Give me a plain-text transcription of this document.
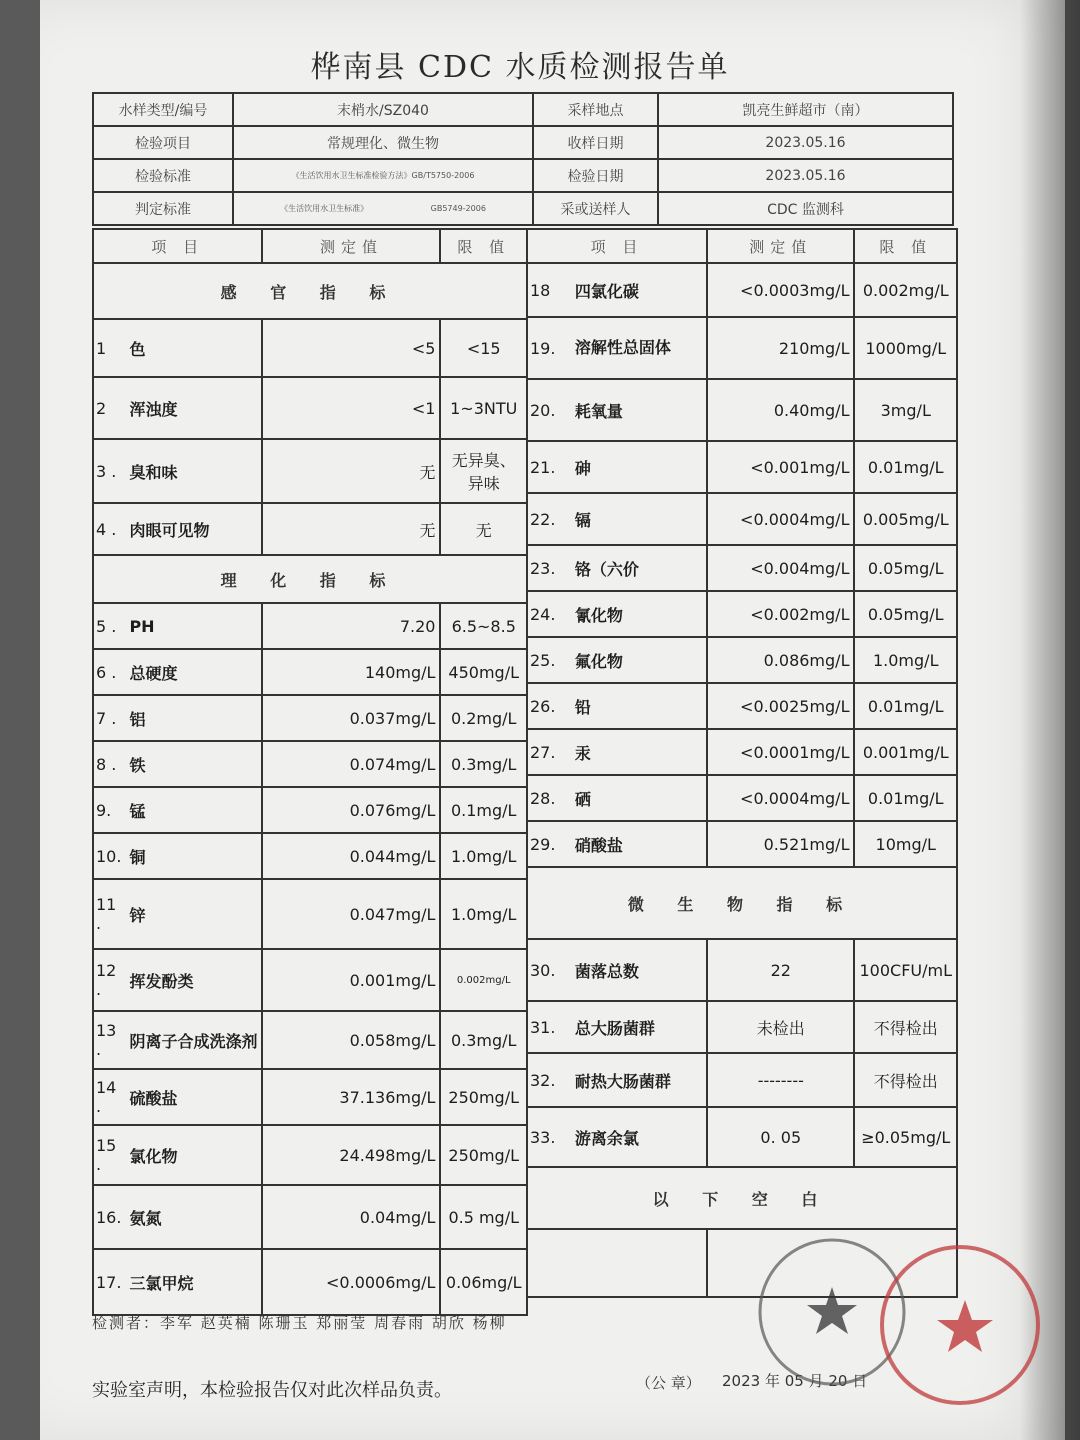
桦南县 CDC 水质检测报告单
水样类型/编号	末梢水/SZ040	采样地点	凯亮生鲜超市（南）
检验项目	常规理化、微生物	收样日期	2023.05.16
检验标准	《生活饮用水卫生标准检验方法》GB/T5750-2006	检验日期	2023.05.16
判定标准	《生活饮用水卫生标准》 GB5749-2006	采或送样人	CDC 监测科
项 目		测定值	限 值
感 官 指 标			
1	色	<5	<15
2	浑浊度	<1	1~3NTU
3 .	臭和味	无	无异臭、异味
4 .	肉眼可见物	无	无
理 化 指 标			
5 .	PH	7.20	6.5~8.5
6 .	总硬度	140mg/L	450mg/L
7 .	铝	0.037mg/L	0.2mg/L
8 .	铁	0.074mg/L	0.3mg/L
9.	锰	0.076mg/L	0.1mg/L
10.	铜	0.044mg/L	1.0mg/L
11 .	锌	0.047mg/L	1.0mg/L
12 .	挥发酚类	0.001mg/L	0.002mg/L
13 .	阴离子合成洗涤剂	0.058mg/L	0.3mg/L
14 .	硫酸盐	37.136mg/L	250mg/L
15 .	氯化物	24.498mg/L	250mg/L
16.	氨氮	0.04mg/L	0.5 mg/L
17.	三氯甲烷	<0.0006mg/L	0.06mg/L
项 目		测定值	限 值
18	四氯化碳	<0.0003mg/L	0.002mg/L
19.	溶解性总固体	210mg/L	1000mg/L
20.	耗氧量	0.40mg/L	3mg/L
21.	砷	<0.001mg/L	0.01mg/L
22.	镉	<0.0004mg/L	0.005mg/L
23.	铬（六价	<0.004mg/L	0.05mg/L
24.	氰化物	<0.002mg/L	0.05mg/L
25.	氟化物	0.086mg/L	1.0mg/L
26.	铅	<0.0025mg/L	0.01mg/L
27.	汞	<0.0001mg/L	0.001mg/L
28.	硒	<0.0004mg/L	0.01mg/L
29.	硝酸盐	0.521mg/L	10mg/L
微 生 物 指 标			
30.	菌落总数	22	100CFU/mL
31.	总大肠菌群	未检出	不得检出
32.	耐热大肠菌群	--------	不得检出
33.	游离余氯	0. 05	≥0.05mg/L
以 下 空 白			

检测者：李军 赵英楠 陈珊玉 郑丽莹 周春雨 胡欣 杨柳
实验室声明，本检验报告仅对此次样品负责。	（公 章） 2023 年 05 月 20 日
